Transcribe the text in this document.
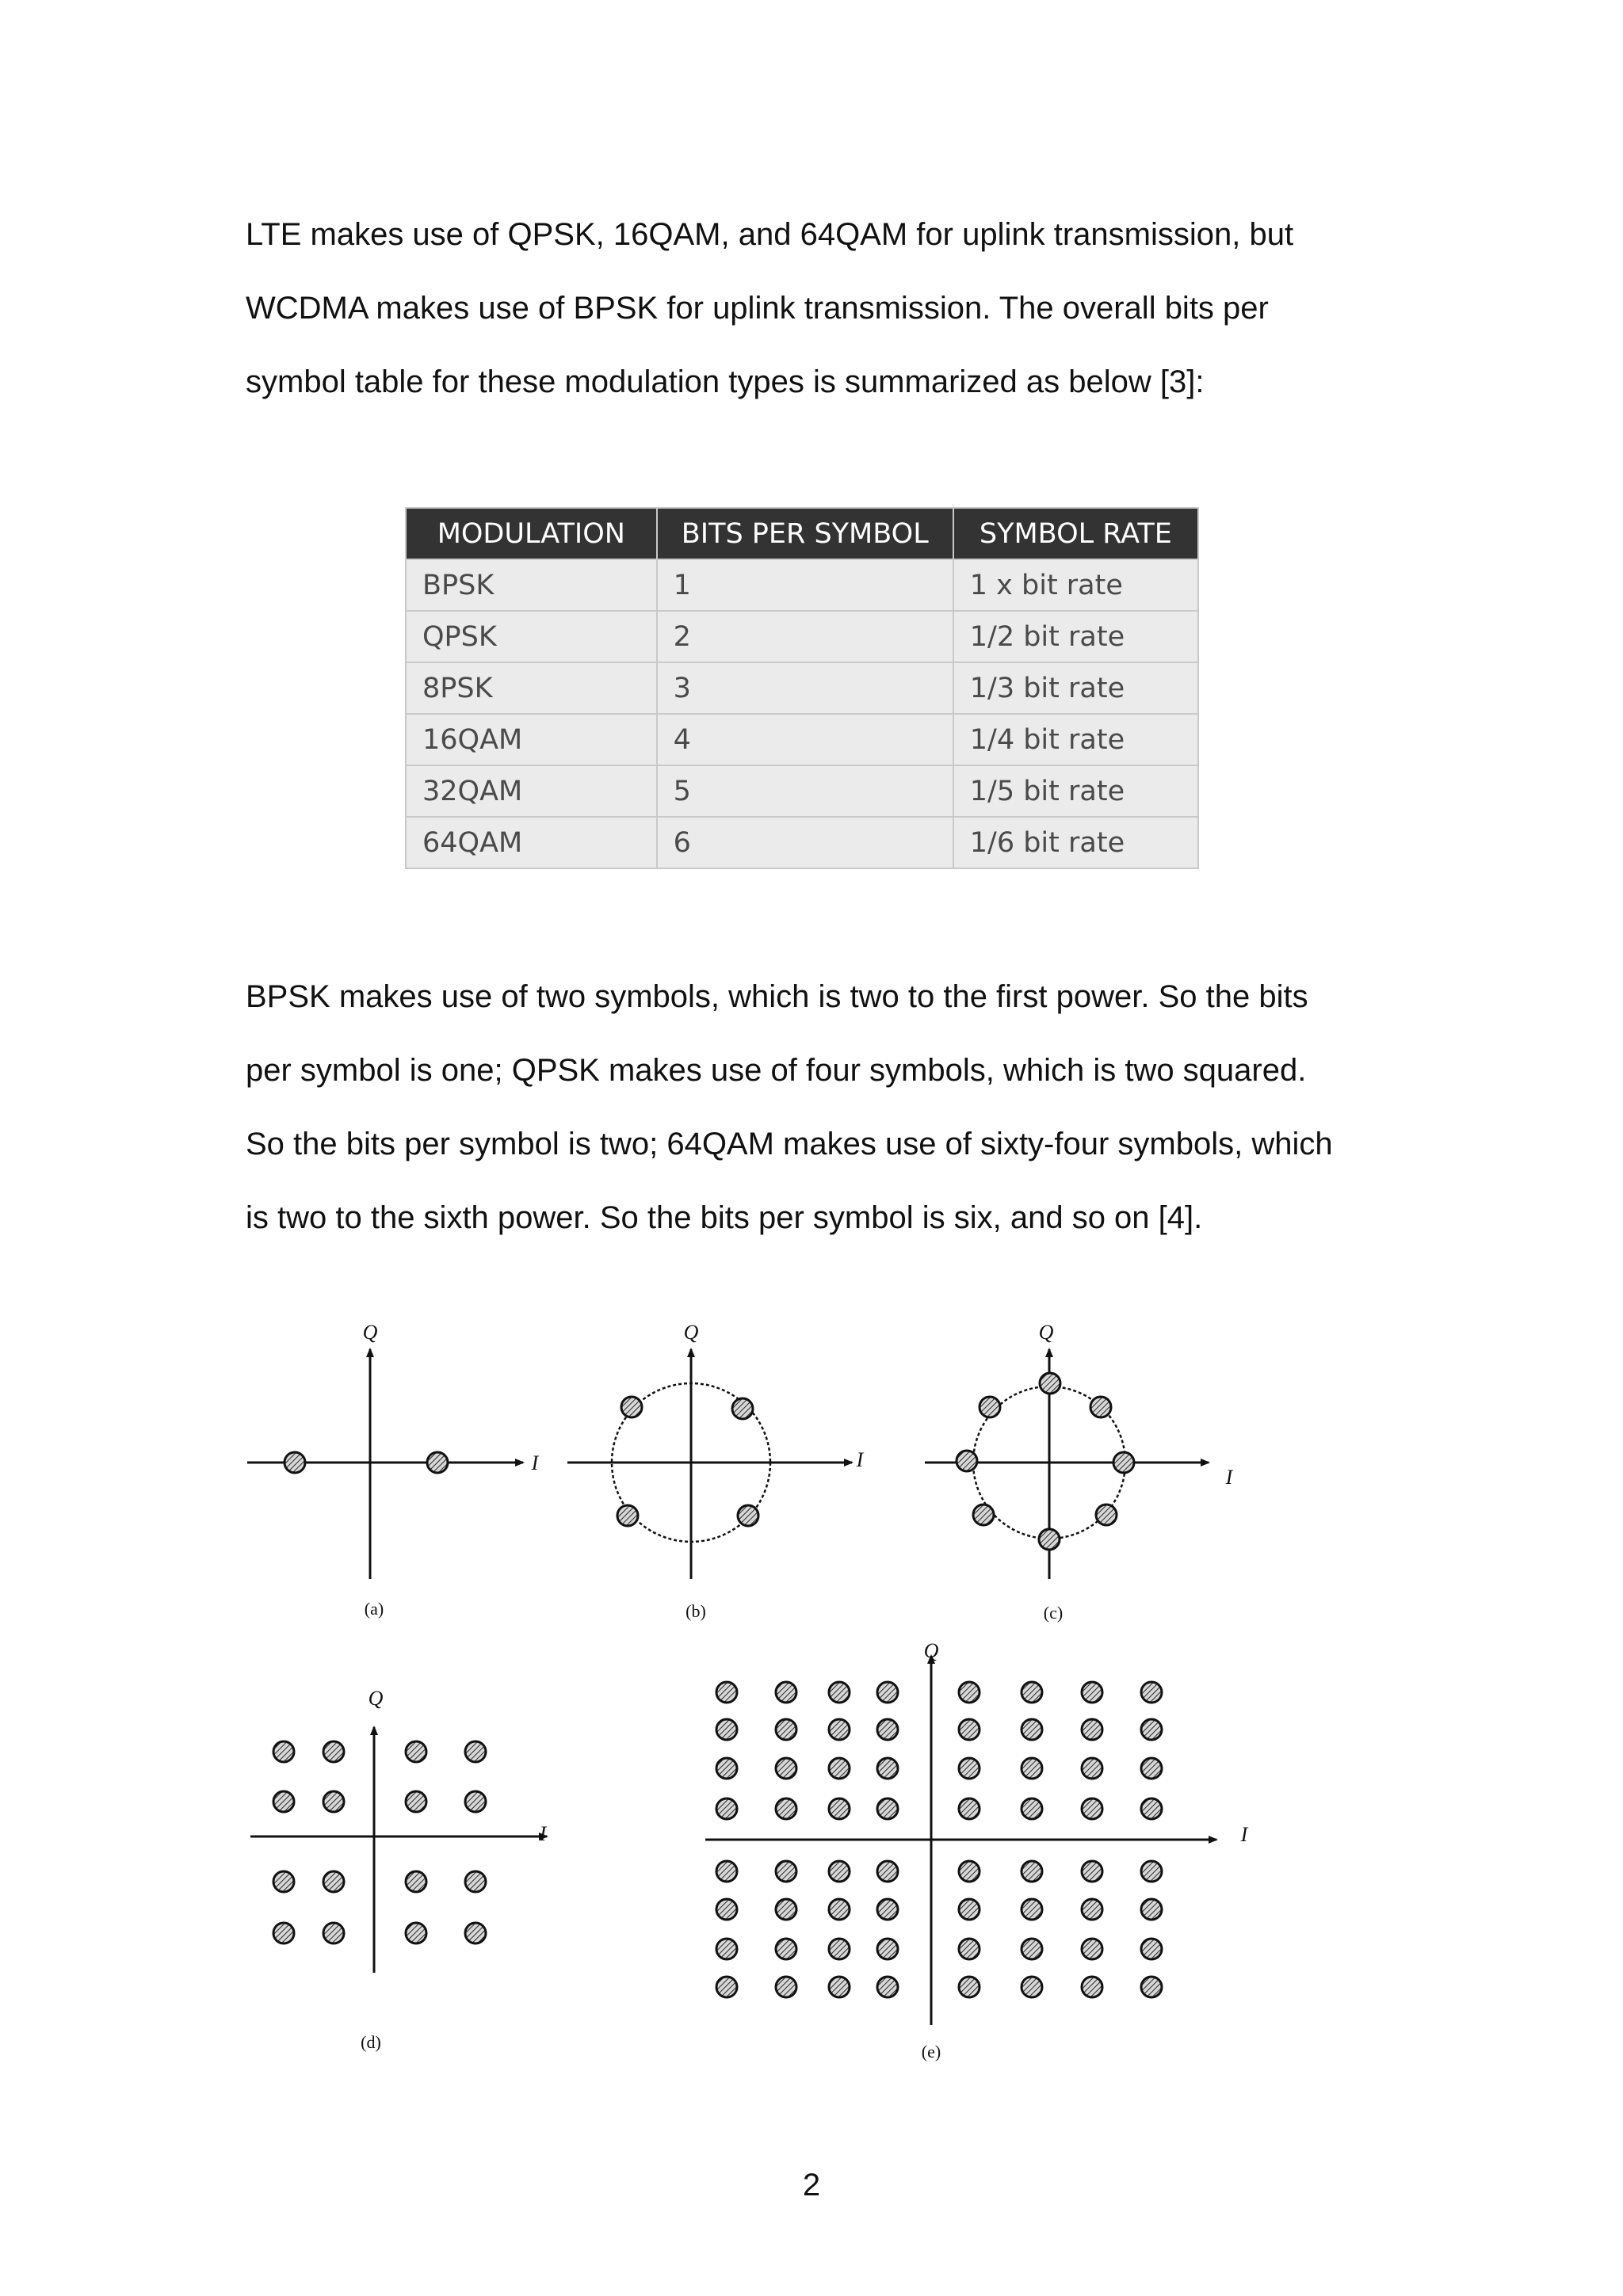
LTE makes use of QPSK, 16QAM, and 64QAM for uplink transmission, but
WCDMA makes use of BPSK for uplink transmission. The overall bits per
symbol table for these modulation types is summarized as below [3]:
MODULATION	BITS PER SYMBOL	SYMBOL RATE
BPSK	1	1 x bit rate
QPSK	2	1/2 bit rate
8PSK	3	1/3 bit rate
16QAM	4	1/4 bit rate
32QAM	5	1/5 bit rate
64QAM	6	1/6 bit rate
BPSK makes use of two symbols, which is two to the first power. So the bits
per symbol is one; QPSK makes use of four symbols, which is two squared.
So the bits per symbol is two; 64QAM makes use of sixty-four symbols, which
is two to the sixth power. So the bits per symbol is six, and so on [4].
Q
I
(a)
Q
I
(b)
Q
I
(c)
Q
I
(d)
Q
I
(e)
2
